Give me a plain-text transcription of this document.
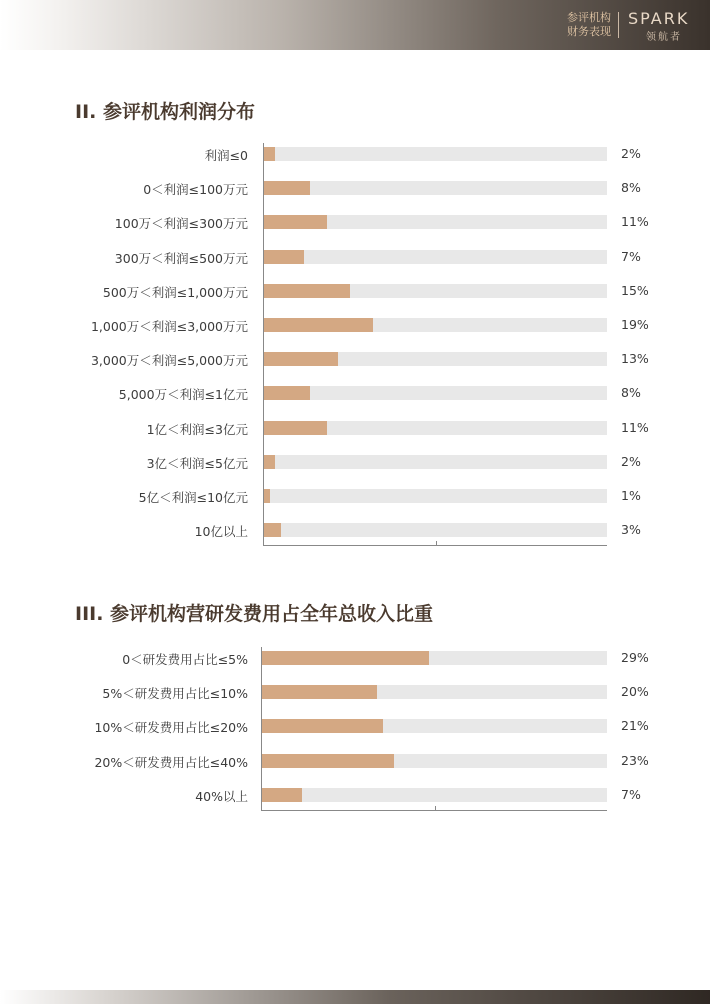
参评机构
财务表现
SPARK
领航者
II. 参评机构利润分布
利润≤0	2%
0＜利润≤100万元	8%
100万＜利润≤300万元	11%
300万＜利润≤500万元	7%
500万＜利润≤1,000万元	15%
1,000万＜利润≤3,000万元	19%
3,000万＜利润≤5,000万元	13%
5,000万＜利润≤1亿元	8%
1亿＜利润≤3亿元	11%
3亿＜利润≤5亿元	2%
5亿＜利润≤10亿元	1%
10亿以上	3%
III. 参评机构营研发费用占全年总收入比重
0＜研发费用占比≤5%	29%
5%＜研发费用占比≤10%	20%
10%＜研发费用占比≤20%	21%
20%＜研发费用占比≤40%	23%
40%以上	7%
